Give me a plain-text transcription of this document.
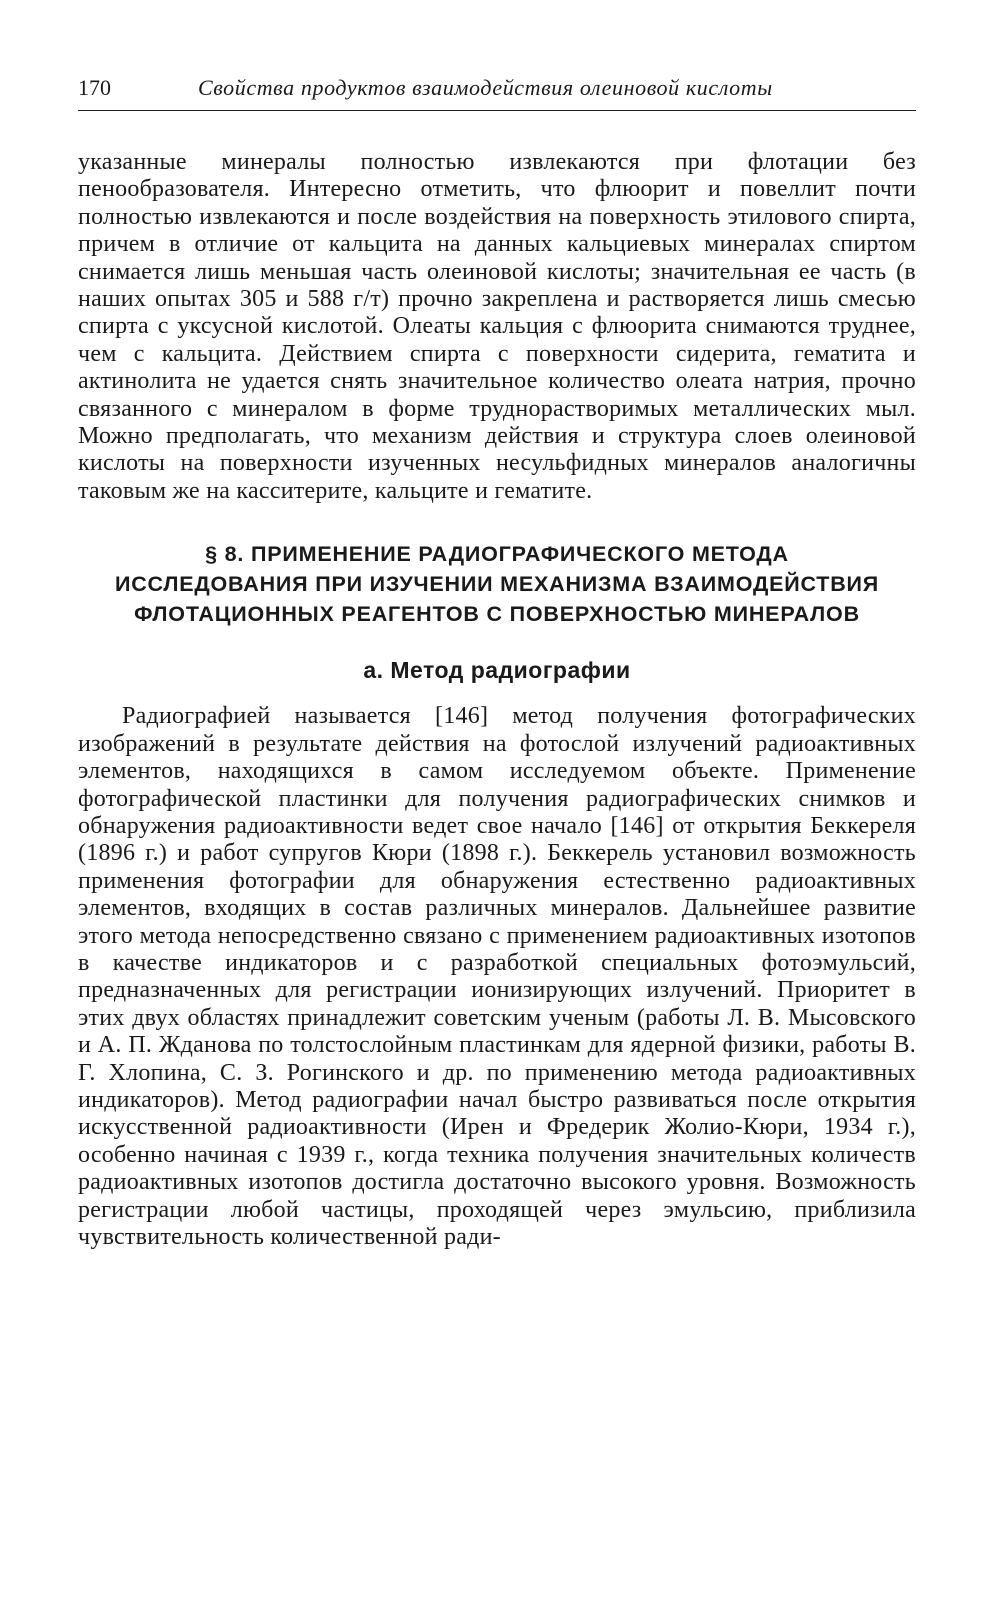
170	Свойства продуктов взаимодействия олеиновой кислоты

указанные минералы полностью извлекаются при флотации без пенообразователя. Интересно отметить, что флюорит и повеллит почти полностью извлекаются и после воздействия на поверхность этилового спирта, причем в отличие от кальцита на данных кальциевых минералах спиртом снимается лишь меньшая часть олеиновой кислоты; значительная ее часть (в наших опытах 305 и 588 г/т) прочно закреплена и растворяется лишь смесью спирта с уксусной кислотой. Олеаты кальция с флюорита снимаются труднее, чем с кальцита. Действием спирта с поверхности сидерита, гематита и актинолита не удается снять значительное количество олеата натрия, прочно связанного с минералом в форме труднорастворимых металлических мыл. Можно предполагать, что механизм действия и структура слоев олеиновой кислоты на поверхности изученных несульфидных минералов аналогичны таковым же на касситерите, кальците и гематите.

§ 8. ПРИМЕНЕНИЕ РАДИОГРАФИЧЕСКОГО МЕТОДА
ИССЛЕДОВАНИЯ ПРИ ИЗУЧЕНИИ МЕХАНИЗМА ВЗАИМОДЕЙСТВИЯ
ФЛОТАЦИОННЫХ РЕАГЕНТОВ С ПОВЕРХНОСТЬЮ МИНЕРАЛОВ
а. Метод радиографии

Радиографией называется [146] метод получения фотографических изображений в результате действия на фотослой излучений радиоактивных элементов, находящихся в самом исследуемом объекте. Применение фотографической пластинки для получения радиографических снимков и обнаружения радиоактивности ведет свое начало [146] от открытия Беккереля (1896 г.) и работ супругов Кюри (1898 г.). Беккерель установил возможность применения фотографии для обнаружения естественно радиоактивных элементов, входящих в состав различных минералов. Дальнейшее развитие этого метода непосредственно связано с применением радиоактивных изотопов в качестве индикаторов и с разработкой специальных фотоэмульсий, предназначенных для регистрации ионизирующих излучений. Приоритет в этих двух областях принадлежит советским ученым (работы Л. В. Мысовского и А. П. Жданова по толстослойным пластинкам для ядерной физики, работы В. Г. Хлопина, С. З. Рогинского и др. по применению метода радиоактивных индикаторов). Метод радиографии начал быстро развиваться после открытия искусственной радиоактивности (Ирен и Фредерик Жолио-Кюри, 1934 г.), особенно начиная с 1939 г., когда техника получения значительных количеств радиоактивных изотопов достигла достаточно высокого уровня. Возможность регистрации любой частицы, проходящей через эмульсию, приблизила чувствительность количественной ради-
